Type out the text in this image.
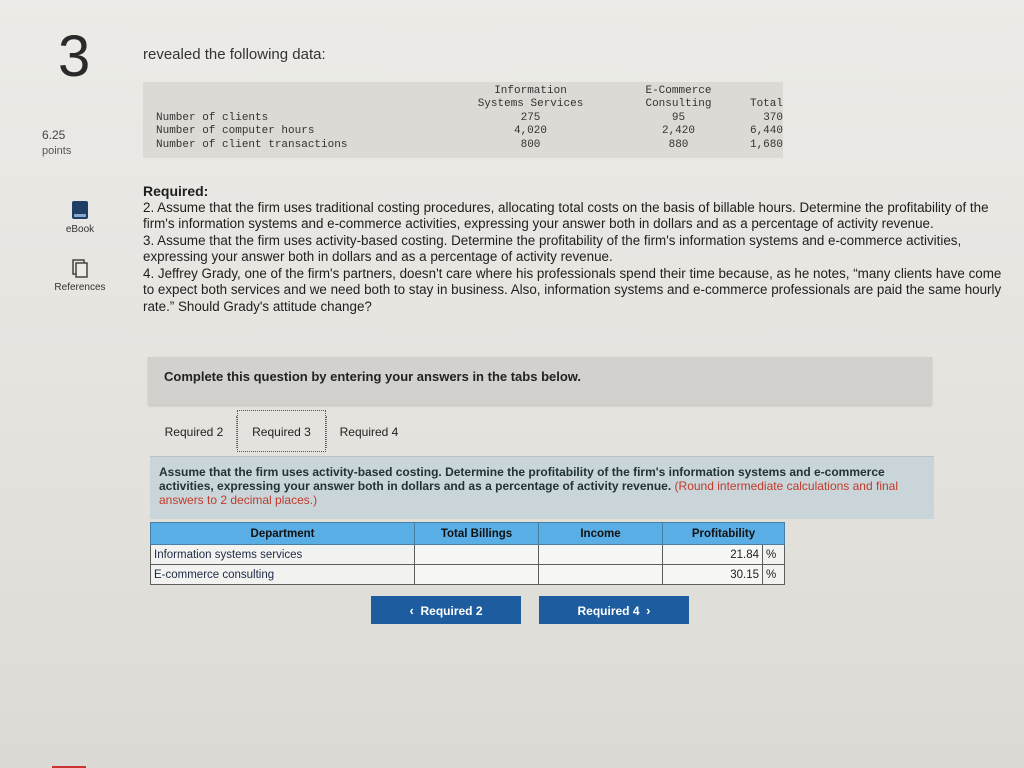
3
6.25
points
eBook
References
revealed the following data:
Information	E-Commerce
Systems Services	Consulting	Total
Number of clients	275	95	370
Number of computer hours	4,020	2,420	6,440
Number of client transactions	800	880	1,680

Required:

2. Assume that the firm uses traditional costing procedures, allocating total costs on the basis of billable hours. Determine the profitability of the firm's information systems and e-commerce activities, expressing your answer both in dollars and as a percentage of activity revenue.

3. Assume that the firm uses activity-based costing. Determine the profitability of the firm's information systems and e-commerce activities, expressing your answer both in dollars and as a percentage of activity revenue.

4. Jeffrey Grady, one of the firm's partners, doesn't care where his professionals spend their time because, as he notes, “many clients have come to expect both services and we need both to stay in business. Also, information systems and e-commerce professionals are paid the same hourly rate.” Should Grady's attitude change?

Complete this question by entering your answers in the tabs below.
Required 2	Required 3	Required 4

Assume that the firm uses activity-based costing. Determine the profitability of the firm's information systems and e-commerce activities, expressing your answer both in dollars and as a percentage of activity revenue. (Round intermediate calculations and final answers to 2 decimal places.)

Department	Total Billings	Income	Profitability	
Information systems services			21.84	%
E-commerce consulting			30.15	%
‹ Required 2	Required 4 ›
